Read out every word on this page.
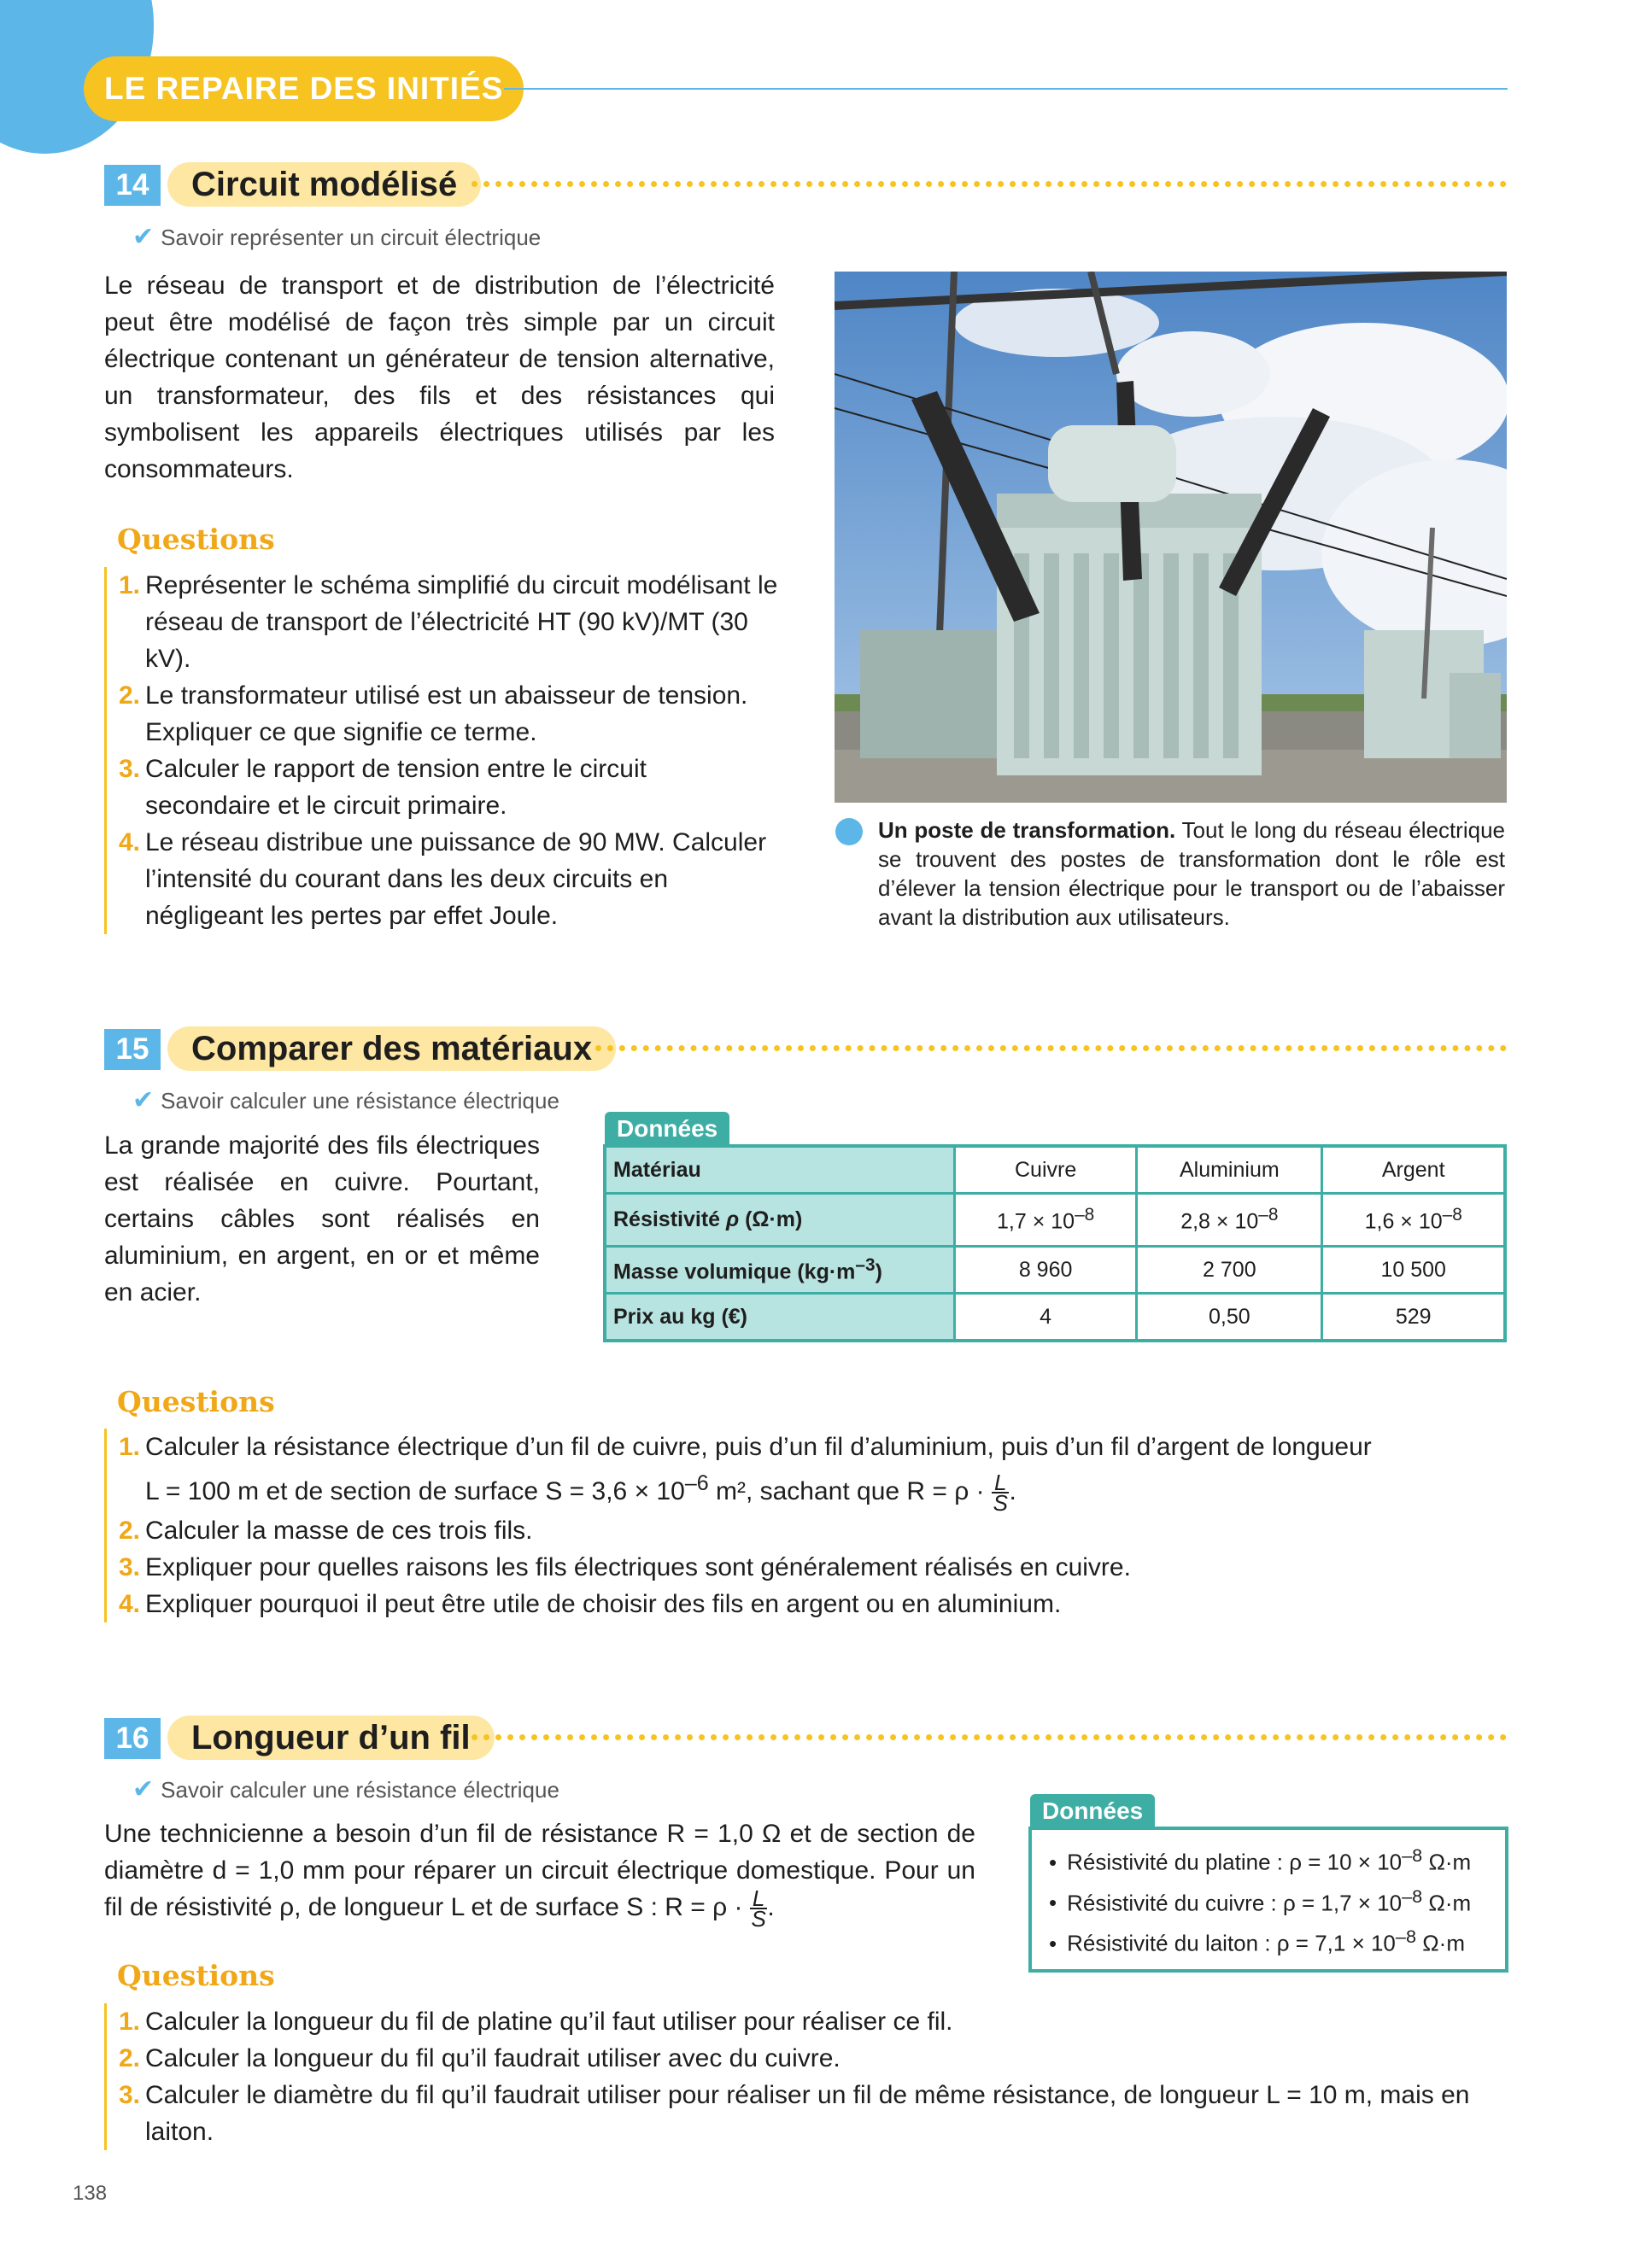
LE REPAIRE DES INITIÉS
14	Circuit modélisé
✔ Savoir représenter un circuit électrique
Le réseau de transport et de distribution de l’électricité peut être modélisé de façon très simple par un circuit électrique contenant un générateur de tension alternative, un transformateur, des fils et des résistances qui symbolisent les appareils électriques utilisés par les consommateurs.
Questions
1. Représenter le schéma simplifié du circuit modélisant le réseau de transport de l’électricité HT (90 kV)/MT (30 kV).
2. Le transformateur utilisé est un abaisseur de tension. Expliquer ce que signifie ce terme.
3. Calculer le rapport de tension entre le circuit secondaire et le circuit primaire.
4. Le réseau distribue une puissance de 90 MW. Calculer l’intensité du courant dans les deux circuits en négligeant les pertes par effet Joule.
Un poste de transformation. Tout le long du réseau électrique se trouvent des postes de transformation dont le rôle est d’élever la tension électrique pour le transport ou de l’abaisser avant la distribution aux utilisateurs.
15	Comparer des matériaux
✔ Savoir calculer une résistance électrique
La grande majorité des fils électriques est réalisée en cuivre. Pourtant, certains câbles sont réalisés en aluminium, en argent, en or et même en acier.
Données
Matériau	Cuivre	Aluminium	Argent
Résistivité ρ (Ω·m)	$1,7 \times 10^{-8}$	$2,8 \times 10^{-8}$	$1,6 \times 10^{-8}$
Masse volumique $(kg\cdot m^{-3})$	8 960	2 700	10 500
Prix au kg (€)	4	0,50	529
Questions
1. Calculer la résistance électrique d’un fil de cuivre, puis d’un fil d’aluminium, puis d’un fil d’argent de longueur
L = 100 m et de section de surface $S = 3,6 \times 10^{-6}$ m², sachant que $R = \rho \cdot \frac{L}{S}$ .
2. Calculer la masse de ces trois fils.
3. Expliquer pour quelles raisons les fils électriques sont généralement réalisés en cuivre.
4. Expliquer pourquoi il peut être utile de choisir des fils en argent ou en aluminium.
16	Longueur d’un fil
✔ Savoir calculer une résistance électrique
Une technicienne a besoin d’un fil de résistance R = 1,0 Ω et de section de diamètre d = 1,0 mm pour réparer un circuit électrique domestique. Pour un fil de résistivité ρ, de longueur L et de surface S : $R = \rho \cdot \frac{L}{S}$ .
Données
• Résistivité du platine : $\rho = 10 \times 10^{-8}$ Ω·m
• Résistivité du cuivre : $\rho = 1,7 \times 10^{-8}$ Ω·m
• Résistivité du laiton : $\rho = 7,1 \times 10^{-8}$ Ω·m
Questions
1. Calculer la longueur du fil de platine qu’il faut utiliser pour réaliser ce fil.
2. Calculer la longueur du fil qu’il faudrait utiliser avec du cuivre.
3. Calculer le diamètre du fil qu’il faudrait utiliser pour réaliser un fil de même résistance, de longueur L = 10 m, mais en laiton.
138
